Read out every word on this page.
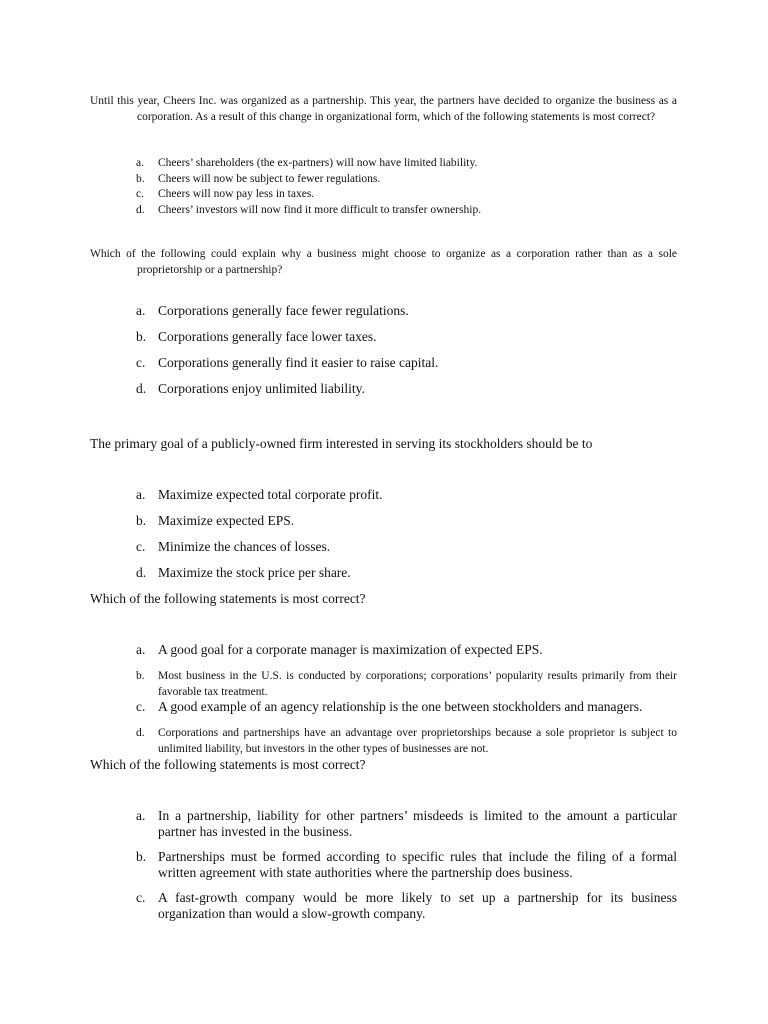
Until this year, Cheers Inc. was organized as a partnership. This year, the partners have decided to organize the business as a corporation. As a result of this change in organizational form, which of the following statements is most correct?
a. Cheers’ shareholders (the ex-partners) will now have limited liability.
b. Cheers will now be subject to fewer regulations.
c. Cheers will now pay less in taxes.
d. Cheers’ investors will now find it more difficult to transfer ownership.
Which of the following could explain why a business might choose to organize as a corporation rather than as a sole proprietorship or a partnership?
a. Corporations generally face fewer regulations.
b. Corporations generally face lower taxes.
c. Corporations generally find it easier to raise capital.
d. Corporations enjoy unlimited liability.
The primary goal of a publicly-owned firm interested in serving its stockholders should be to
a. Maximize expected total corporate profit.
b. Maximize expected EPS.
c. Minimize the chances of losses.
d. Maximize the stock price per share.
Which of the following statements is most correct?
a. A good goal for a corporate manager is maximization of expected EPS.
b. Most business in the U.S. is conducted by corporations; corporations’ popularity results primarily from their favorable tax treatment.
c. A good example of an agency relationship is the one between stockholders and managers.
d. Corporations and partnerships have an advantage over proprietorships because a sole proprietor is subject to unlimited liability, but investors in the other types of businesses are not.
Which of the following statements is most correct?
a. In a partnership, liability for other partners’ misdeeds is limited to the amount a particular partner has invested in the business.
b. Partnerships must be formed according to specific rules that include the filing of a formal written agreement with state authorities where the partnership does business.
c. A fast-growth company would be more likely to set up a partnership for its business organization than would a slow-growth company.
